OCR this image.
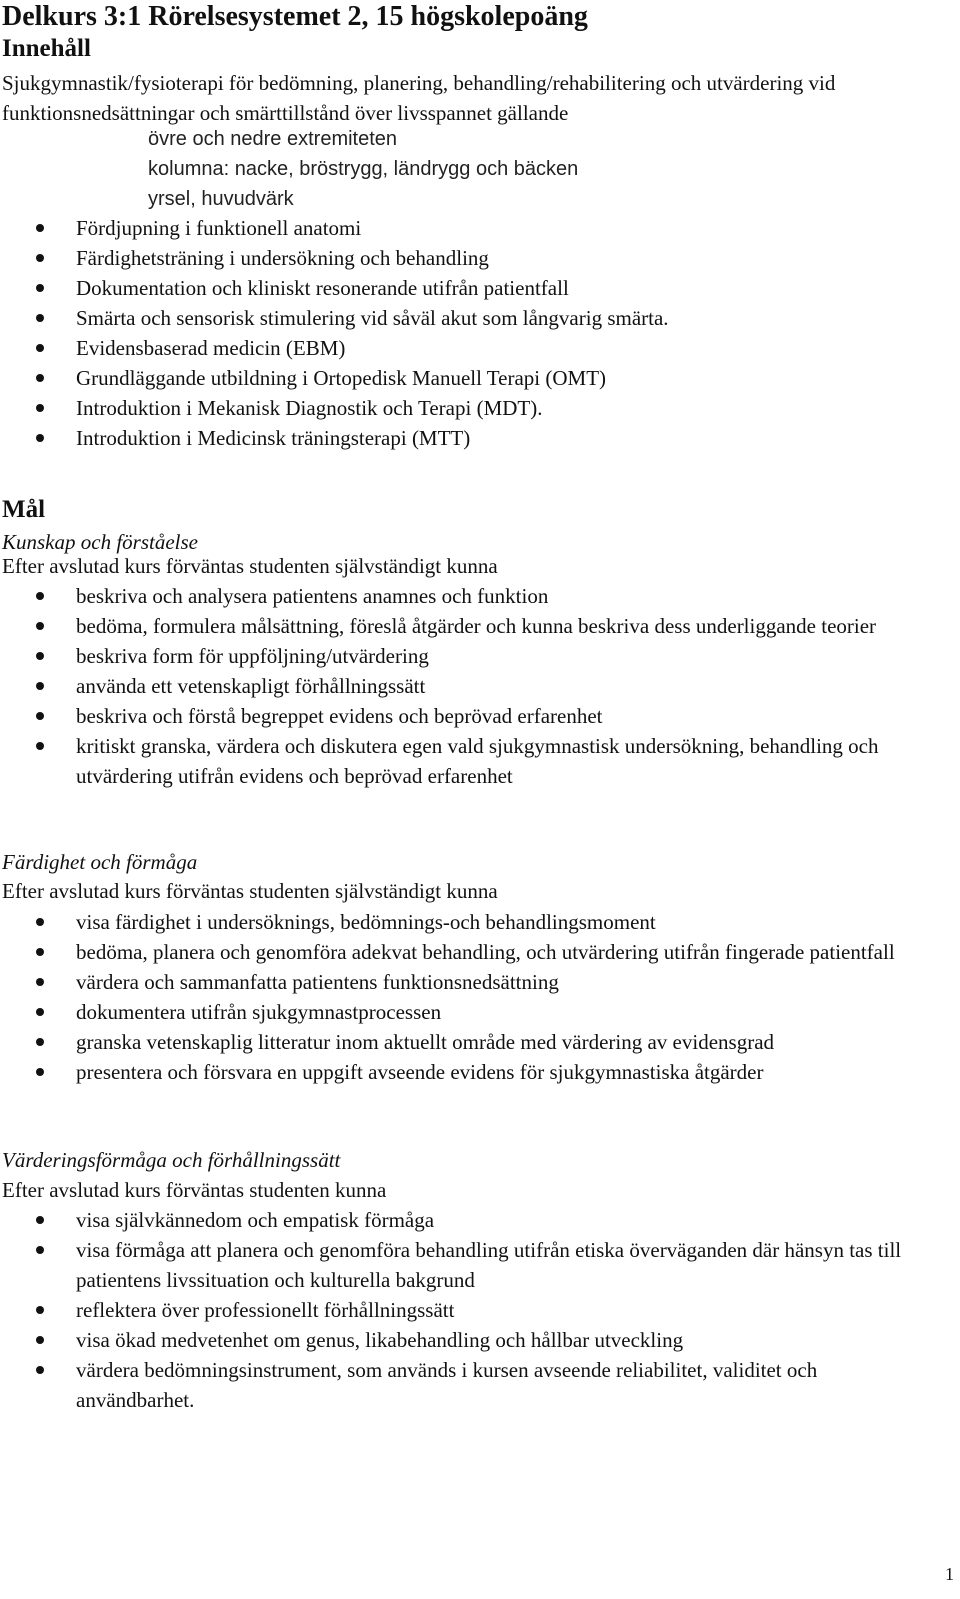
Delkurs 3:1 Rörelsesystemet 2, 15 högskolepoäng
Innehåll

Sjukgymnastik/fysioterapi för bedömning, planering, behandling/rehabilitering och utvärdering vid funktionsnedsättningar och smärttillstånd över livsspannet gällande

övre och nedre extremiteten
kolumna: nacke, bröstrygg, ländrygg och bäcken
yrsel, huvudvärk
Fördjupning i funktionell anatomi
Färdighetsträning i undersökning och behandling
Dokumentation och kliniskt resonerande utifrån patientfall
Smärta och sensorisk stimulering vid såväl akut som långvarig smärta.
Evidensbaserad medicin (EBM)
Grundläggande utbildning i Ortopedisk Manuell Terapi (OMT)
Introduktion i Mekanisk Diagnostik och Terapi (MDT).
Introduktion i Medicinsk träningsterapi (MTT)
Mål

Kunskap och förståelse

Efter avslutad kurs förväntas studenten självständigt kunna

beskriva och analysera patientens anamnes och funktion
bedöma, formulera målsättning, föreslå åtgärder och kunna beskriva dess underliggande teorier
beskriva form för uppföljning/utvärdering
använda ett vetenskapligt förhållningssätt
beskriva och förstå begreppet evidens och beprövad erfarenhet
kritiskt granska, värdera och diskutera egen vald sjukgymnastisk undersökning, behandling och utvärdering utifrån evidens och beprövad erfarenhet

Färdighet och förmåga

Efter avslutad kurs förväntas studenten självständigt kunna

visa färdighet i undersöknings, bedömnings-och behandlingsmoment
bedöma, planera och genomföra adekvat behandling, och utvärdering utifrån fingerade patientfall
värdera och sammanfatta patientens funktionsnedsättning
dokumentera utifrån sjukgymnastprocessen
granska vetenskaplig litteratur inom aktuellt område med värdering av evidensgrad
presentera och försvara en uppgift avseende evidens för sjukgymnastiska åtgärder

Värderingsförmåga och förhållningssätt

Efter avslutad kurs förväntas studenten kunna

visa självkännedom och empatisk förmåga
visa förmåga att planera och genomföra behandling utifrån etiska överväganden där hänsyn tas till patientens livssituation och kulturella bakgrund
reflektera över professionellt förhållningssätt
visa ökad medvetenhet om genus, likabehandling och hållbar utveckling
värdera bedömningsinstrument, som används i kursen avseende reliabilitet, validitet och användbarhet.
1
